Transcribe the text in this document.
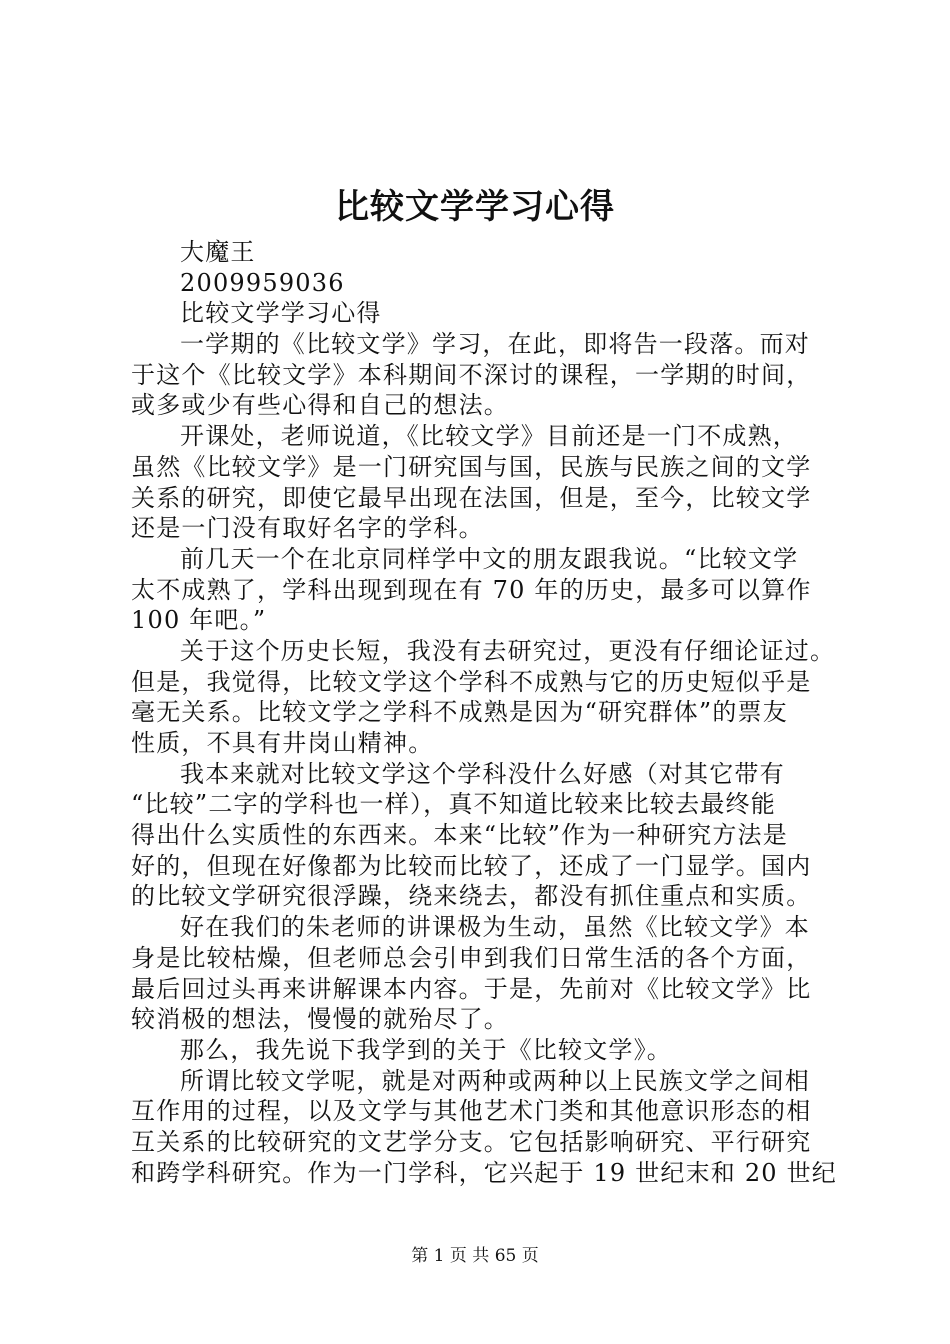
比较文学学习心得
大魔王
2009959036
比较文学学习心得
一学期的《比较文学》学习，在此，即将告一段落。而对
于这个《比较文学》本科期间不深讨的课程，一学期的时间，
或多或少有些心得和自己的想法。
开课处，老师说道，《比较文学》目前还是一门不成熟，
虽然《比较文学》是一门研究国与国，民族与民族之间的文学
关系的研究，即使它最早出现在法国，但是，至今，比较文学
还是一门没有取好名字的学科。
前几天一个在北京同样学中文的朋友跟我说。“比较文学
太不成熟了，学科出现到现在有 70 年的历史，最多可以算作
100 年吧。”
关于这个历史长短，我没有去研究过，更没有仔细论证过。
但是，我觉得，比较文学这个学科不成熟与它的历史短似乎是
毫无关系。比较文学之学科不成熟是因为“研究群体”的票友
性质，不具有井岗山精神。
我本来就对比较文学这个学科没什么好感（对其它带有
“比较”二字的学科也一样），真不知道比较来比较去最终能
得出什么实质性的东西来。本来“比较”作为一种研究方法是
好的，但现在好像都为比较而比较了，还成了一门显学。国内
的比较文学研究很浮躁，绕来绕去，都没有抓住重点和实质。
好在我们的朱老师的讲课极为生动，虽然《比较文学》本
身是比较枯燥，但老师总会引申到我们日常生活的各个方面，
最后回过头再来讲解课本内容。于是，先前对《比较文学》比
较消极的想法，慢慢的就殆尽了。
那么，我先说下我学到的关于《比较文学》。
所谓比较文学呢，就是对两种或两种以上民族文学之间相
互作用的过程，以及文学与其他艺术门类和其他意识形态的相
互关系的比较研究的文艺学分支。它包括影响研究、平行研究
和跨学科研究。作为一门学科，它兴起于 19 世纪末和 20 世纪
第 1 页 共 65 页
